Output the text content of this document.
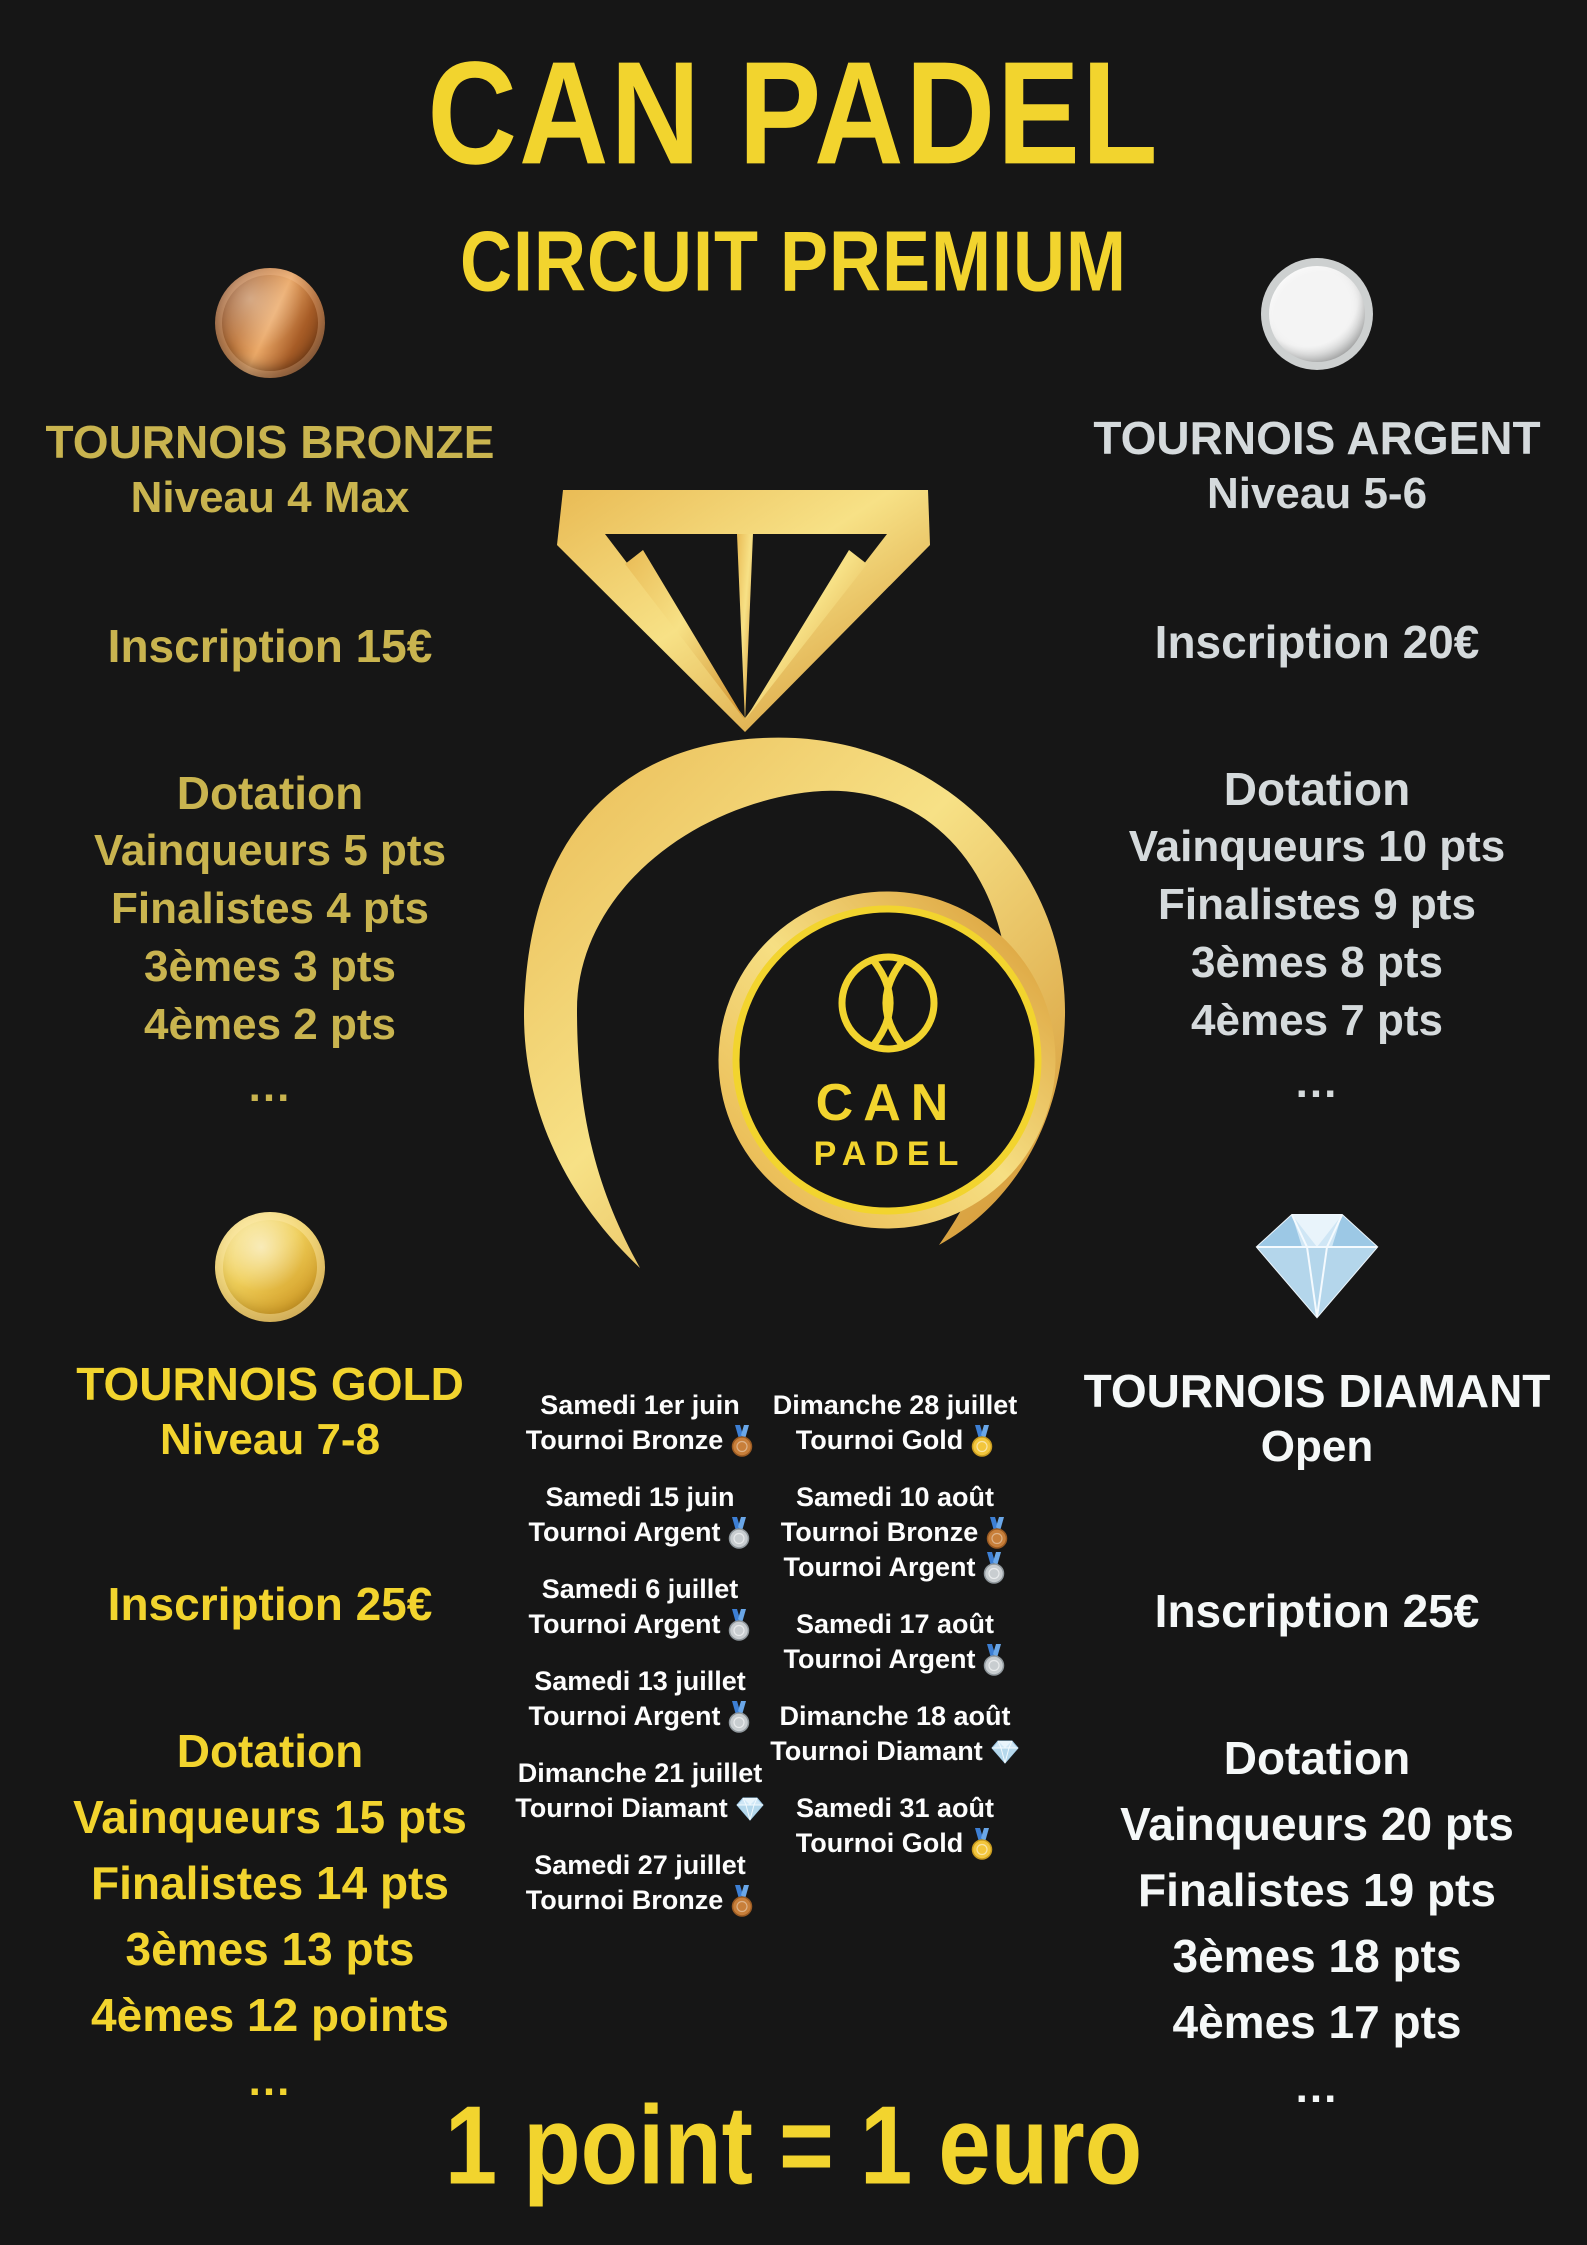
CAN PADEL
CIRCUIT PREMIUM
TOURNOIS BRONZE
Niveau 4 Max
Inscription 15€
Dotation
Vainqueurs 5 pts
Finalistes 4 pts
3èmes 3 pts
4èmes 2 pts
...
TOURNOIS ARGENT
Niveau 5-6
Inscription 20€
Dotation
Vainqueurs 10 pts
Finalistes 9 pts
3èmes 8 pts
4èmes 7 pts
...
CAN
PADEL
TOURNOIS GOLD
Niveau 7-8
Inscription 25€
Dotation
Vainqueurs 15 pts
Finalistes 14 pts
3èmes 13 pts
4èmes 12 points
...
TOURNOIS DIAMANT
Open
Inscription 25€
Dotation
Vainqueurs 20 pts
Finalistes 19 pts
3èmes 18 pts
4èmes 17 pts
...
Samedi 1er juin
Tournoi Bronze
Samedi 15 juin
Tournoi Argent
Samedi 6 juillet
Tournoi Argent
Samedi 13 juillet
Tournoi Argent
Dimanche 21 juillet
Tournoi Diamant
Samedi 27 juillet
Tournoi Bronze
Dimanche 28 juillet
Tournoi Gold
Samedi 10 août
Tournoi Bronze
Tournoi Argent
Samedi 17 août
Tournoi Argent
Dimanche 18 août
Tournoi Diamant
Samedi 31 août
Tournoi Gold
1 point = 1 euro
